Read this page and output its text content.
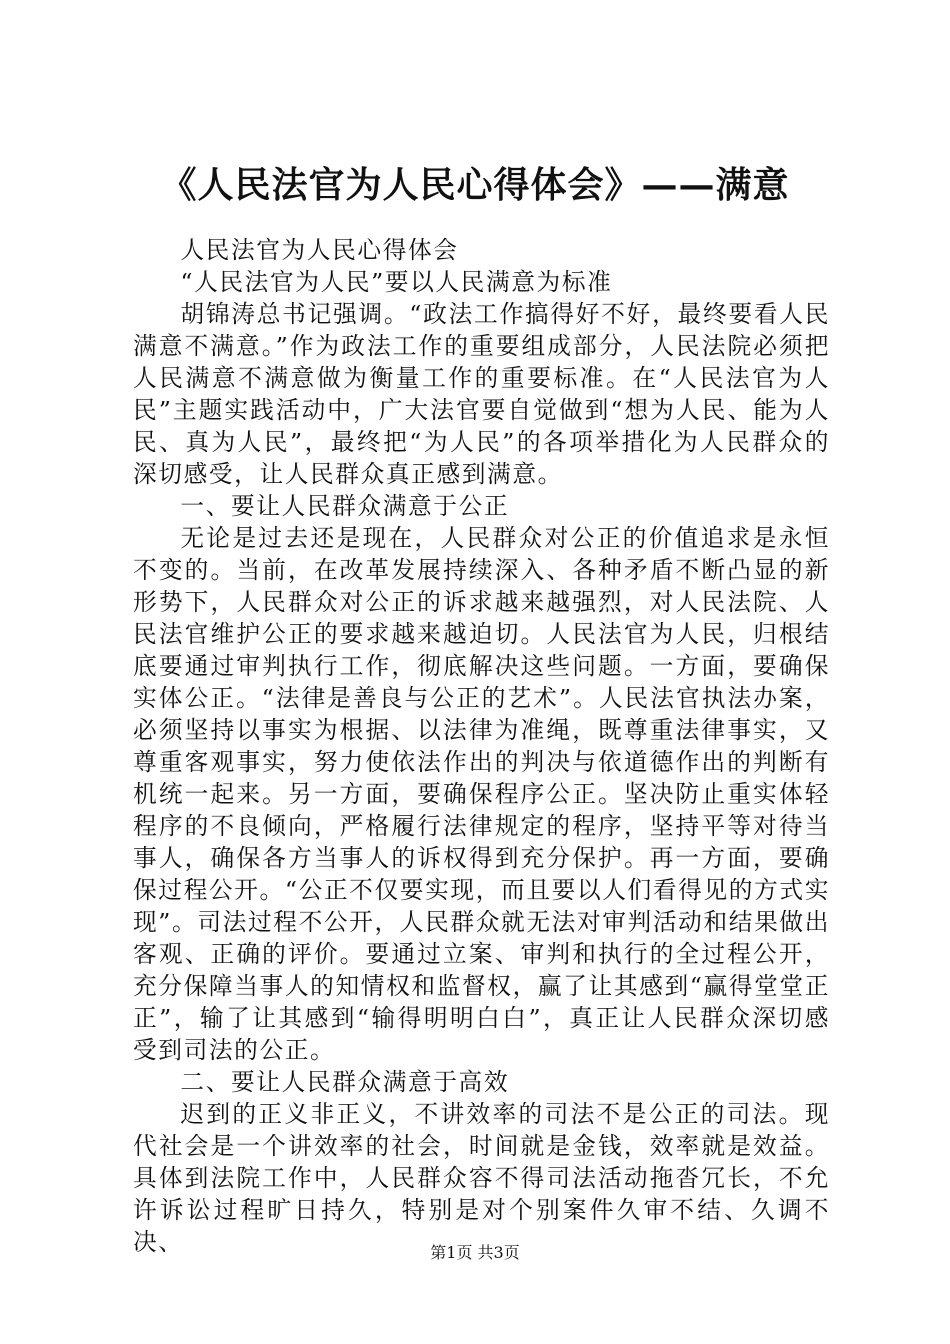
《人民法官为人民心得体会》——满意

人民法官为人民心得体会

“人民法官为人民”要以人民满意为标准

胡锦涛总书记强调。“政法工作搞得好不好，最终要看人民满意不满意。”作为政法工作的重要组成部分，人民法院必须把人民满意不满意做为衡量工作的重要标准。在“人民法官为人民”主题实践活动中，广大法官要自觉做到“想为人民、能为人民、真为人民”，最终把“为人民”的各项举措化为人民群众的深切感受，让人民群众真正感到满意。

一、要让人民群众满意于公正

无论是过去还是现在，人民群众对公正的价值追求是永恒不变的。当前，在改革发展持续深入、各种矛盾不断凸显的新形势下，人民群众对公正的诉求越来越强烈，对人民法院、人民法官维护公正的要求越来越迫切。人民法官为人民，归根结底要通过审判执行工作，彻底解决这些问题。一方面，要确保实体公正。“法律是善良与公正的艺术”。人民法官执法办案，必须坚持以事实为根据、以法律为准绳，既尊重法律事实，又尊重客观事实，努力使依法作出的判决与依道德作出的判断有机统一起来。另一方面，要确保程序公正。坚决防止重实体轻程序的不良倾向，严格履行法律规定的程序，坚持平等对待当事人，确保各方当事人的诉权得到充分保护。再一方面，要确保过程公开。“公正不仅要实现，而且要以人们看得见的方式实现”。司法过程不公开，人民群众就无法对审判活动和结果做出客观、正确的评价。要通过立案、审判和执行的全过程公开，充分保障当事人的知情权和监督权，赢了让其感到“赢得堂堂正正”，输了让其感到“输得明明白白”，真正让人民群众深切感受到司法的公正。

二、要让人民群众满意于高效

迟到的正义非正义，不讲效率的司法不是公正的司法。现代社会是一个讲效率的社会，时间就是金钱，效率就是效益。具体到法院工作中，人民群众容不得司法活动拖沓冗长，不允许诉讼过程旷日持久，特别是对个别案件久审不结、久调不决、	第1页 共3页
